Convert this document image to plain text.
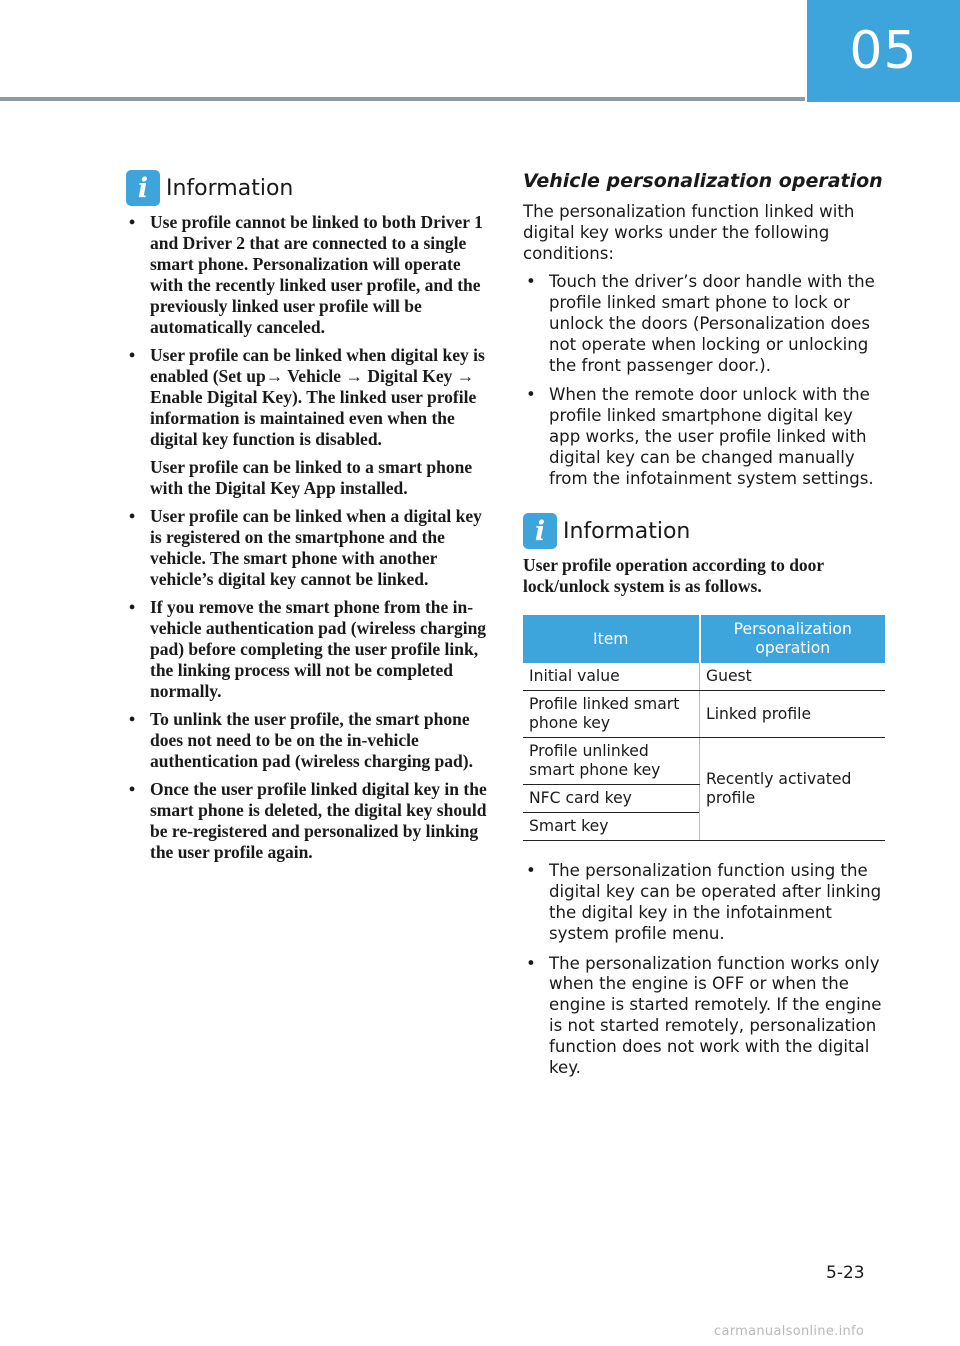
05
i Information

• Use profile cannot be linked to both Driver 1 and Driver 2 that are connected to a single smart phone. Personalization will operate with the recently linked user profile, and the previously linked user profile will be automatically canceled.

• User profile can be linked when digital key is enabled (Set up→ Vehicle → Digital Key → Enable Digital Key). The linked user profile information is maintained even when the digital key function is disabled.

User profile can be linked to a smart phone with the Digital Key App installed.

• User profile can be linked when a digital key is registered on the smartphone and the vehicle. The smart phone with another vehicle’s digital key cannot be linked.

• If you remove the smart phone from the in-vehicle authentication pad (wireless charging pad) before completing the user profile link, the linking process will not be completed normally.

• To unlink the user profile, the smart phone does not need to be on the in-vehicle authentication pad (wireless charging pad).

• Once the user profile linked digital key in the smart phone is deleted, the digital key should be re-registered and personalized by linking the user profile again.

Vehicle personalization operation

The personalization function linked with digital key works under the following conditions:

• Touch the driver’s door handle with the profile linked smart phone to lock or unlock the doors (Personalization does not operate when locking or unlocking the front passenger door.).
• When the remote door unlock with the profile linked smartphone digital key app works, the user profile linked with digital key can be changed manually from the infotainment system settings.
i Information

User profile operation according to door lock/unlock system is as follows.

Item	Personalization operation
Initial value	Guest
Profile linked smart phone key	Linked profile
Profile unlinked smart phone key	Recently activated profile
NFC card key	
Smart key	
• The personalization function using the digital key can be operated after linking the digital key in the infotainment system profile menu.
• The personalization function works only when the engine is OFF or when the engine is started remotely. If the engine is not started remotely, personalization function does not work with the digital key.
5-23
carmanualsonline.info
